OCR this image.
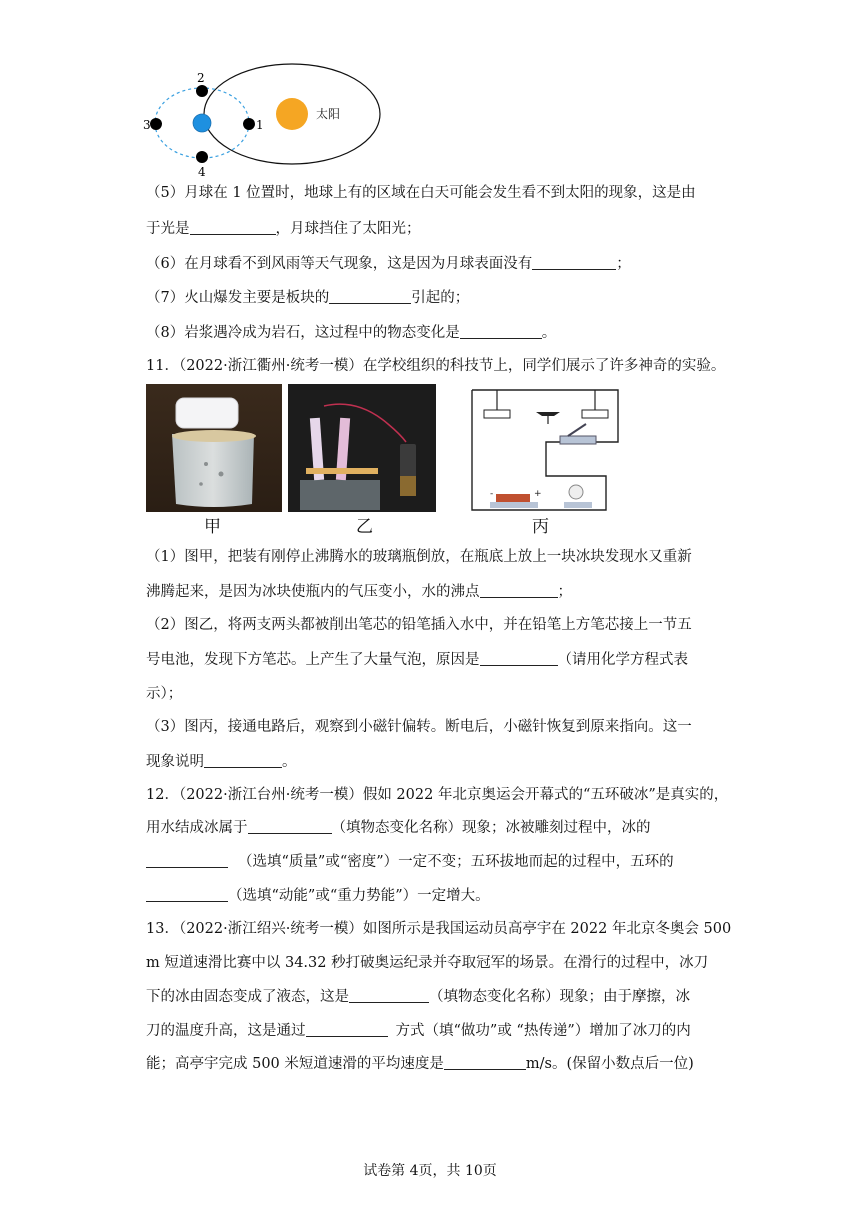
太阳
1
2
3
4
（5）月球在 1 位置时，地球上有的区域在白天可能会发生看不到太阳的现象，这是由
于光是	，月球挡住了太阳光；
（6）在月球看不到风雨等天气现象，这是因为月球表面没有	；
（7）火山爆发主要是板块的	引起的；
（8）岩浆遇冷成为岩石，这过程中的物态变化是	。
11．（2022·浙江衢州·统考一模）在学校组织的科技节上，同学们展示了许多神奇的实验。
-	+
甲	乙	丙
（1）图甲，把装有刚停止沸腾水的玻璃瓶倒放，在瓶底上放上一块冰块发现水又重新
沸腾起来，是因为冰块使瓶内的气压变小，水的沸点	；
（2）图乙，将两支两头都被削出笔芯的铅笔插入水中，并在铅笔上方笔芯接上一节五
号电池，发现下方笔芯。上产生了大量气泡，原因是	（请用化学方程式表
示）；
（3）图丙，接通电路后，观察到小磁针偏转。断电后，小磁针恢复到原来指向。这一
现象说明	。
12．（2022·浙江台州·统考一模）假如 2022 年北京奥运会开幕式的“五环破冰”是真实的，
用水结成冰属于	（填物态变化名称）现象；冰被雕刻过程中，冰的
（选填“质量”或“密度”）一定不变；五环拔地而起的过程中，五环的
（选填“动能”或“重力势能”）一定增大。
13．（2022·浙江绍兴·统考一模）如图所示是我国运动员高亭宇在 2022 年北京冬奥会 500
m 短道速滑比赛中以 34.32 秒打破奥运纪录并夺取冠军的场景。在滑行的过程中，冰刀
下的冰由固态变成了液态，这是	（填物态变化名称）现象；由于摩擦，冰
刀的温度升高，这是通过	方式（填“做功”或 “热传递”）增加了冰刀的内
能；高亭宇完成 500 米短道速滑的平均速度是	m/s。(保留小数点后一位)
试卷第 4页，共 10页
